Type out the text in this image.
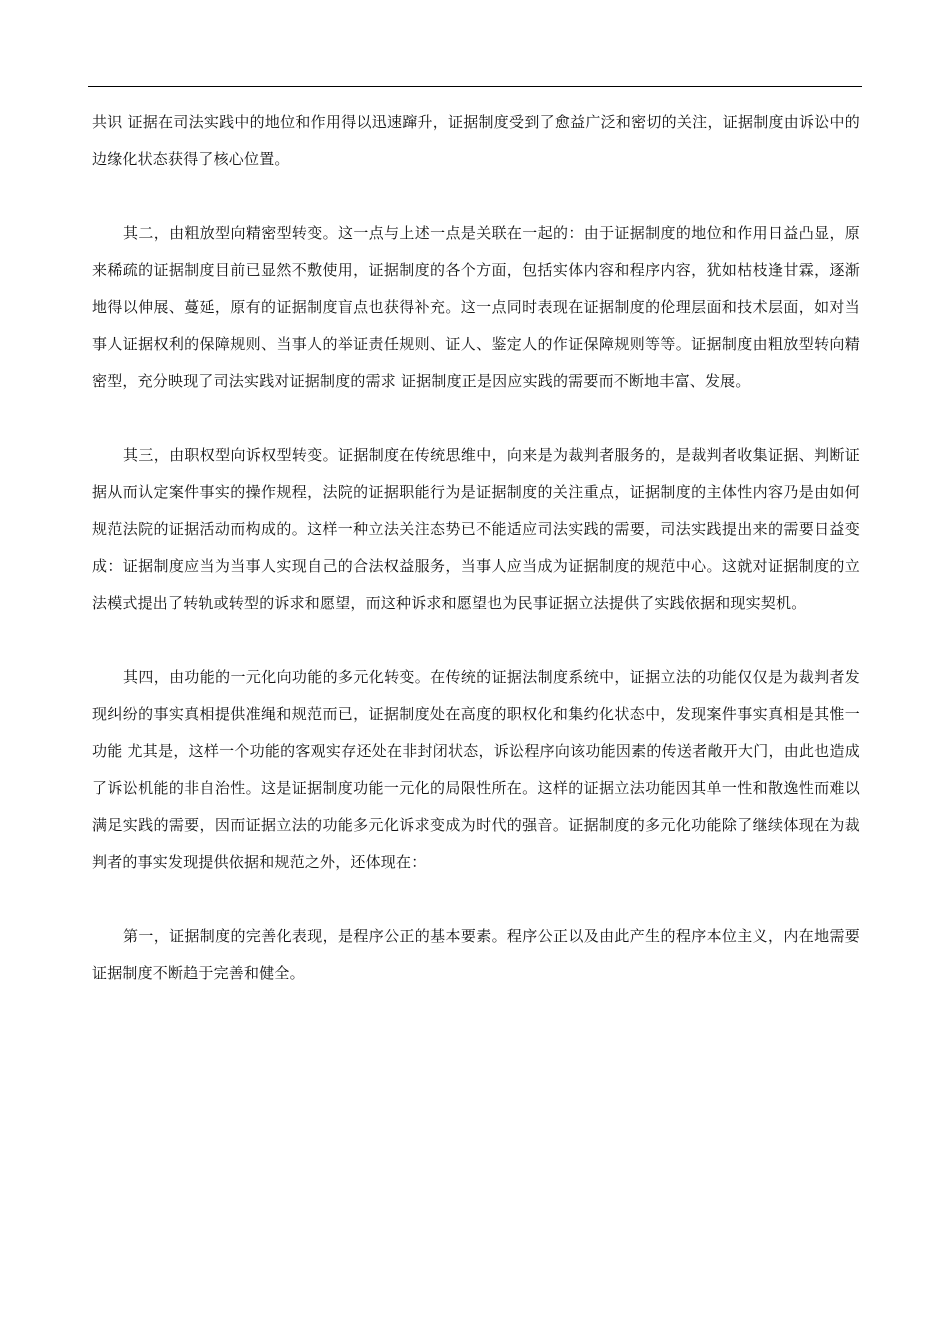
共识 证据在司法实践中的地位和作用得以迅速蹿升，证据制度受到了愈益广泛和密切的关注，证据制度由诉讼中的边缘化状态获得了核心位置。

其二，由粗放型向精密型转变。这一点与上述一点是关联在一起的：由于证据制度的地位和作用日益凸显，原来稀疏的证据制度目前已显然不敷使用，证据制度的各个方面，包括实体内容和程序内容，犹如枯枝逢甘霖，逐渐地得以伸展、蔓延，原有的证据制度盲点也获得补充。这一点同时表现在证据制度的伦理层面和技术层面，如对当事人证据权利的保障规则、当事人的举证责任规则、证人、鉴定人的作证保障规则等等。证据制度由粗放型转向精密型，充分映现了司法实践对证据制度的需求 证据制度正是因应实践的需要而不断地丰富、发展。

其三，由职权型向诉权型转变。证据制度在传统思维中，向来是为裁判者服务的，是裁判者收集证据、判断证据从而认定案件事实的操作规程，法院的证据职能行为是证据制度的关注重点，证据制度的主体性内容乃是由如何规范法院的证据活动而构成的。这样一种立法关注态势已不能适应司法实践的需要，司法实践提出来的需要日益变成：证据制度应当为当事人实现自己的合法权益服务，当事人应当成为证据制度的规范中心。这就对证据制度的立法模式提出了转轨或转型的诉求和愿望，而这种诉求和愿望也为民事证据立法提供了实践依据和现实契机。

其四，由功能的一元化向功能的多元化转变。在传统的证据法制度系统中，证据立法的功能仅仅是为裁判者发现纠纷的事实真相提供准绳和规范而已，证据制度处在高度的职权化和集约化状态中，发现案件事实真相是其惟一功能 尤其是，这样一个功能的客观实存还处在非封闭状态，诉讼程序向该功能因素的传送者敞开大门，由此也造成了诉讼机能的非自治性。这是证据制度功能一元化的局限性所在。这样的证据立法功能因其单一性和散逸性而难以满足实践的需要，因而证据立法的功能多元化诉求变成为时代的强音。证据制度的多元化功能除了继续体现在为裁判者的事实发现提供依据和规范之外，还体现在：

第一，证据制度的完善化表现，是程序公正的基本要素。程序公正以及由此产生的程序本位主义，内在地需要证据制度不断趋于完善和健全。
